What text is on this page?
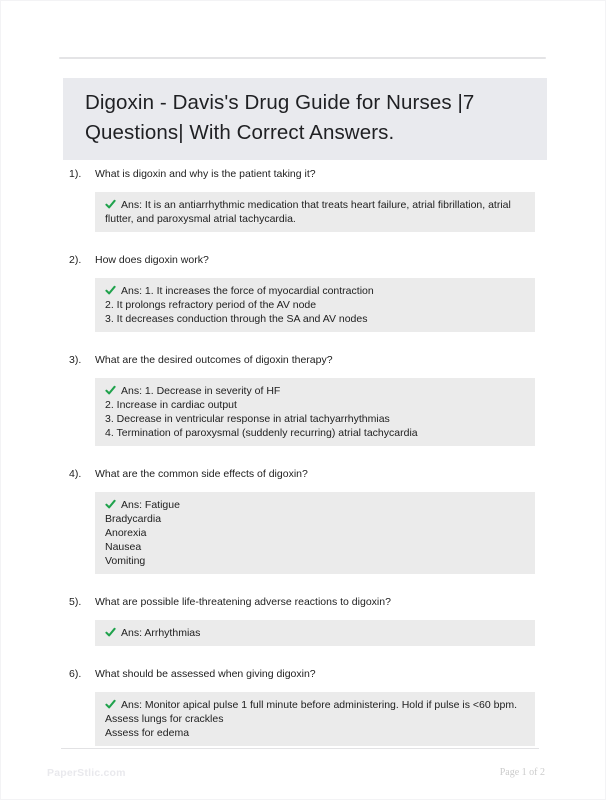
Digoxin - Davis's Drug Guide for Nurses |7 Questions| With Correct Answers.
1).	What is digoxin and why is the patient taking it?
Ans: It is an antiarrhythmic medication that treats heart failure, atrial fibrillation, atrial flutter, and paroxysmal atrial tachycardia.
2).	How does digoxin work?
Ans: 1. It increases the force of myocardial contraction
2. It prolongs refractory period of the AV node
3. It decreases conduction through the SA and AV nodes
3).	What are the desired outcomes of digoxin therapy?
Ans: 1. Decrease in severity of HF
2. Increase in cardiac output
3. Decrease in ventricular response in atrial tachyarrhythmias
4. Termination of paroxysmal (suddenly recurring) atrial tachycardia
4).	What are the common side effects of digoxin?
Ans: Fatigue
Bradycardia
Anorexia
Nausea
Vomiting
5).	What are possible life-threatening adverse reactions to digoxin?
Ans: Arrhythmias
6).	What should be assessed when giving digoxin?
Ans: Monitor apical pulse 1 full minute before administering. Hold if pulse is <60 bpm.
Assess lungs for crackles
Assess for edema
PaperStlic.com	Page 1 of 2
